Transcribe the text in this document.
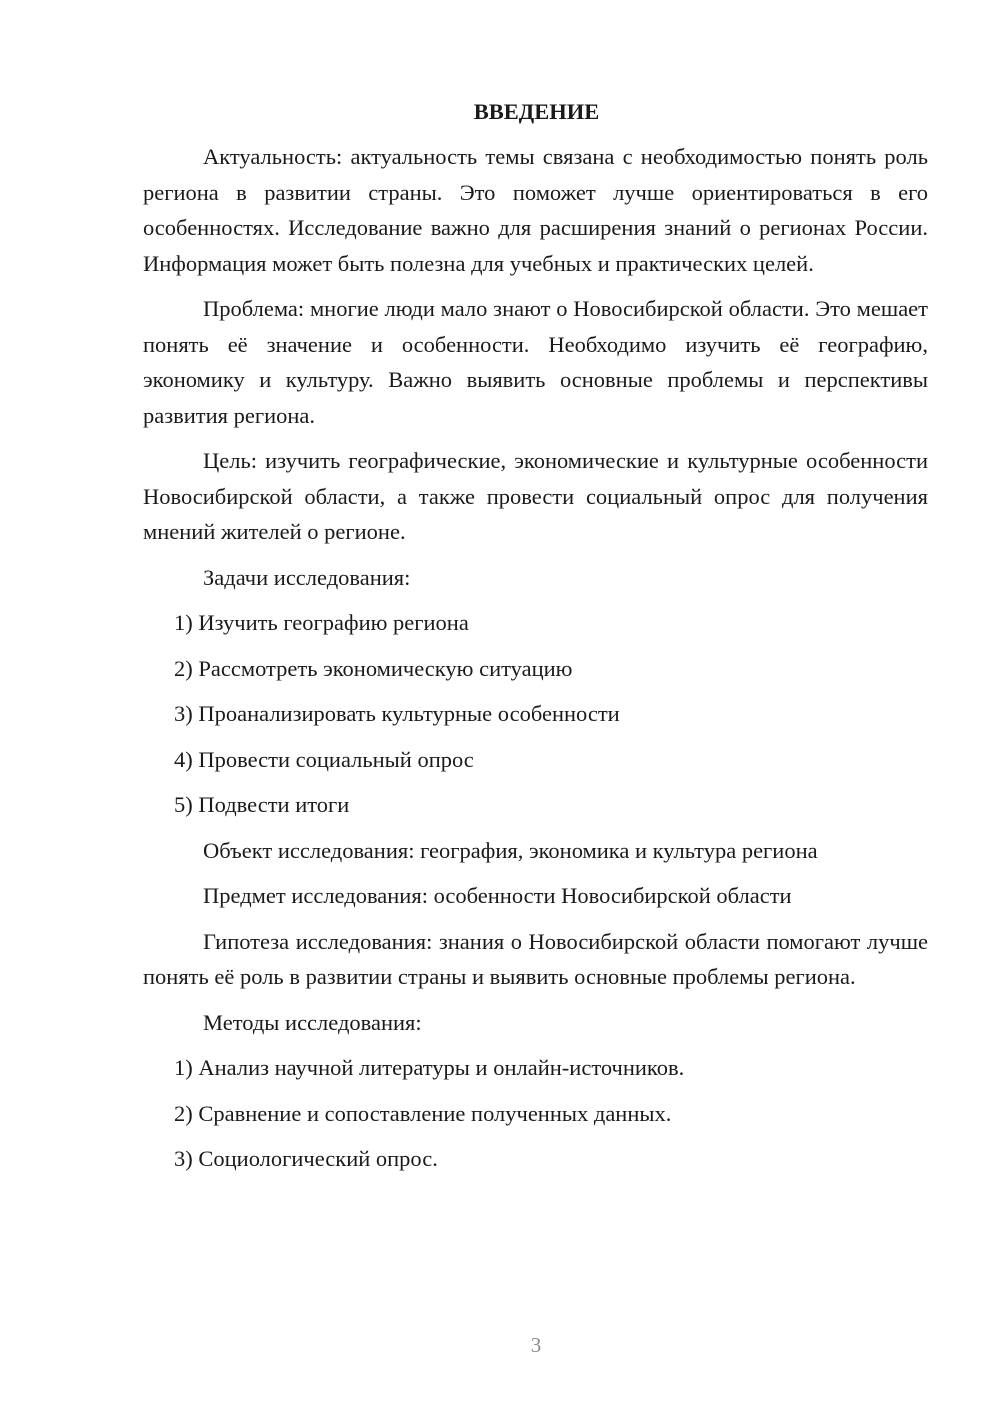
ВВЕДЕНИЕ

Актуальность: актуальность темы связана с необходимостью понять роль региона в развитии страны. Это поможет лучше ориентироваться в его особенностях. Исследование важно для расширения знаний о регионах России. Информация может быть полезна для учебных и практических целей.

Проблема: многие люди мало знают о Новосибирской области. Это мешает понять её значение и особенности. Необходимо изучить её географию, экономику и культуру. Важно выявить основные проблемы и перспективы развития региона.

Цель: изучить географические, экономические и культурные особенности Новосибирской области, а также провести социальный опрос для получения мнений жителей о регионе.

Задачи исследования:

1) Изучить географию региона

2) Рассмотреть экономическую ситуацию

3) Проанализировать культурные особенности

4) Провести социальный опрос

5) Подвести итоги

Объект исследования: география, экономика и культура региона

Предмет исследования: особенности Новосибирской области

Гипотеза исследования: знания о Новосибирской области помогают лучше понять её роль в развитии страны и выявить основные проблемы региона.

Методы исследования:

1) Анализ научной литературы и онлайн-источников.

2) Сравнение и сопоставление полученных данных.

3) Социологический опрос.

3
